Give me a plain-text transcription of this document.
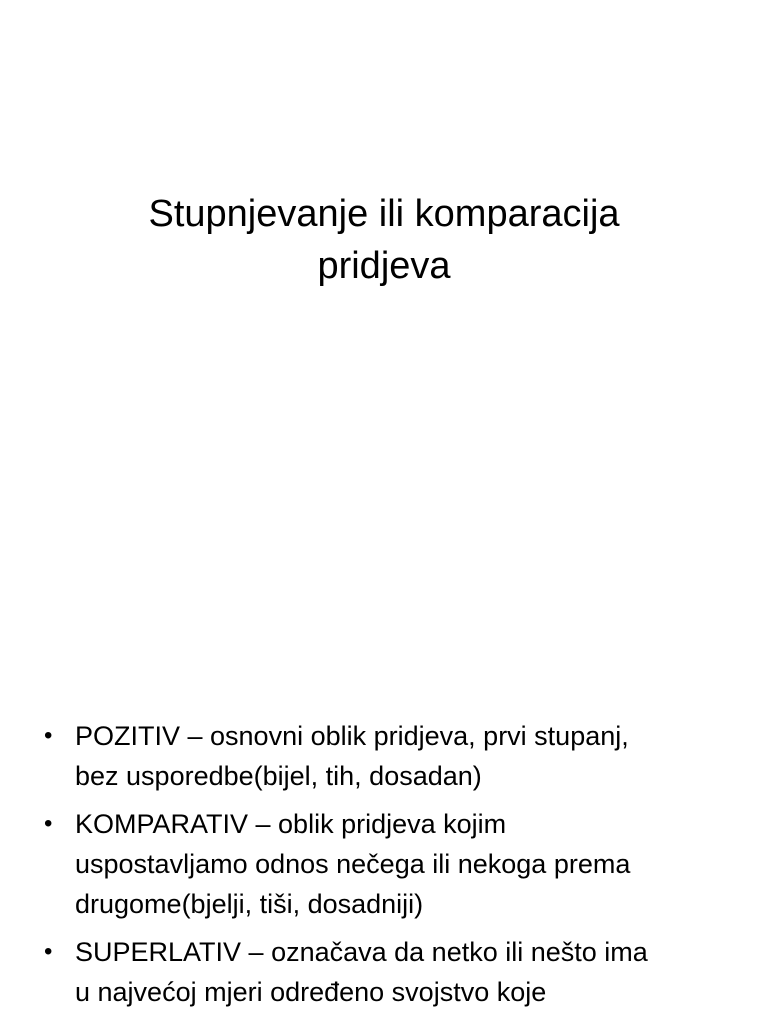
Stupnjevanje ili komparacija
pridjeva
• POZITIV – osnovni oblik pridjeva, prvi stupanj,
bez usporedbe(bijel, tih, dosadan)
• KOMPARATIV – oblik pridjeva kojim
uspostavljamo odnos nečega ili nekoga prema
drugome(bjelji, tiši, dosadniji)
• SUPERLATIV – označava da netko ili nešto ima
u najvećoj mjeri određeno svojstvo koje
